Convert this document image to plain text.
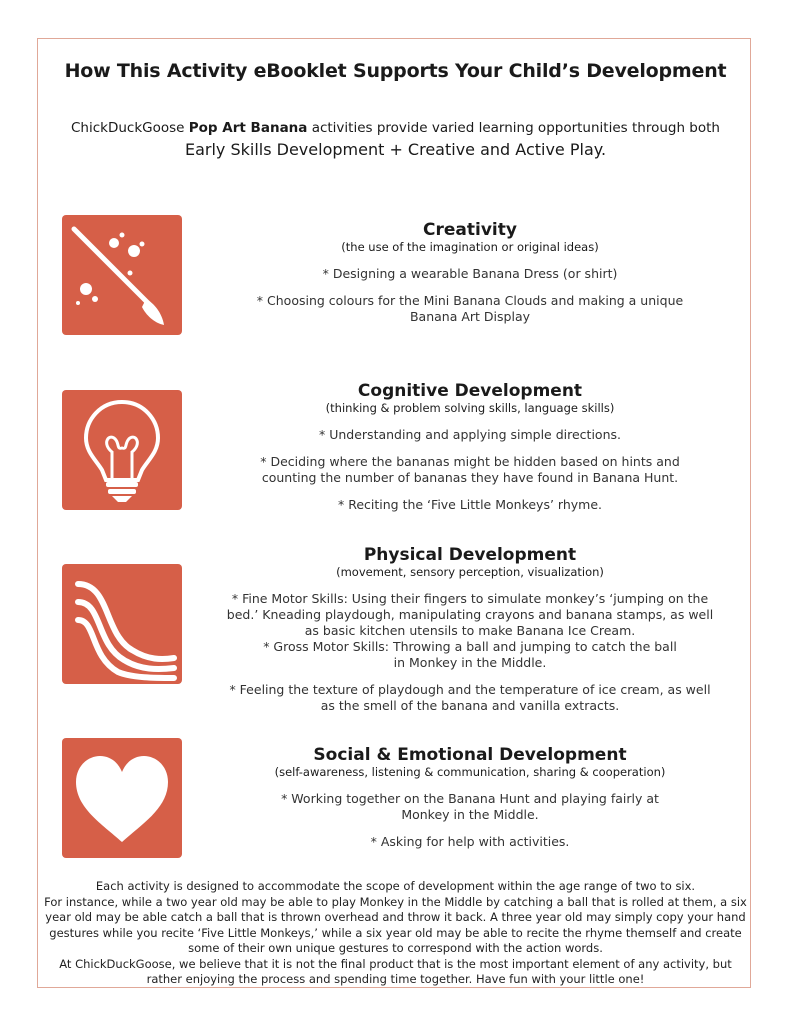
How This Activity eBooklet Supports Your Child’s Development
ChickDuckGoose Pop Art Banana activities provide varied learning opportunities through both
Early Skills Development + Creative and Active Play.
Creativity
(the use of the imagination or original ideas)
* Designing a wearable Banana Dress (or shirt)
* Choosing colours for the Mini Banana Clouds and making a unique Banana Art Display
Cognitive Development
(thinking & problem solving skills, language skills)
* Understanding and applying simple directions.
* Deciding where the bananas might be hidden based on hints and counting the number of bananas they have found in Banana Hunt.
* Reciting the ‘Five Little Monkeys’ rhyme.
Physical Development
(movement, sensory perception, visualization)
* Fine Motor Skills: Using their fingers to simulate monkey’s ‘jumping on the bed.’ Kneading playdough, manipulating crayons and banana stamps, as well as basic kitchen utensils to make Banana Ice Cream.
* Gross Motor Skills: Throwing a ball and jumping to catch the ball in Monkey in the Middle.
* Feeling the texture of playdough and the temperature of ice cream, as well as the smell of the banana and vanilla extracts.
Social & Emotional Development
(self-awareness, listening & communication, sharing & cooperation)
* Working together on the Banana Hunt and playing fairly at Monkey in the Middle.
* Asking for help with activities.
Each activity is designed to accommodate the scope of development within the age range of two to six.
For instance, while a two year old may be able to play Monkey in the Middle by catching a ball that is rolled at them, a six year old may be able catch a ball that is thrown overhead and throw it back. A three year old may simply copy your hand gestures while you recite ‘Five Little Monkeys,’ while a six year old may be able to recite the rhyme themself and create some of their own unique gestures to correspond with the action words.
At ChickDuckGoose, we believe that it is not the final product that is the most important element of any activity, but rather enjoying the process and spending time together. Have fun with your little one!
